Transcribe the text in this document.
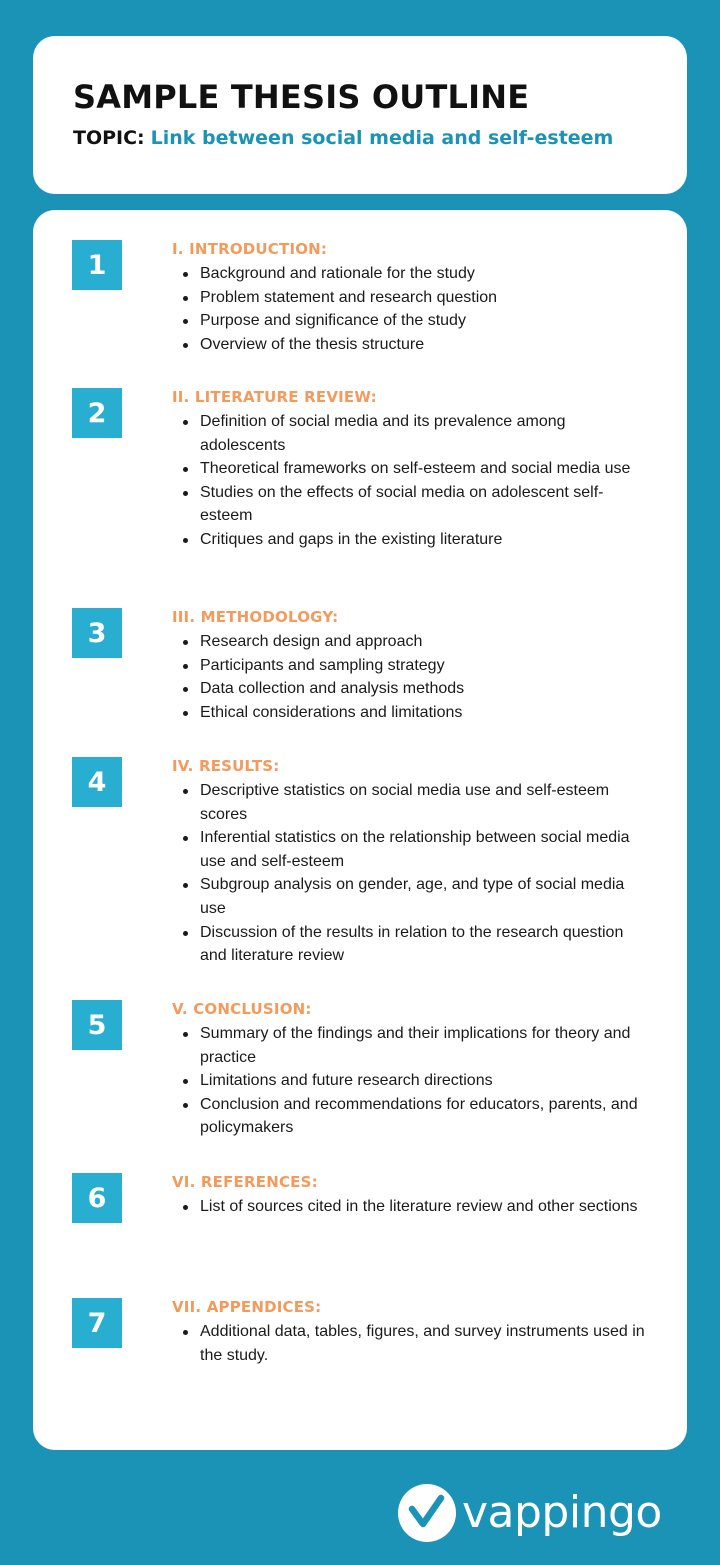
SAMPLE THESIS OUTLINE
TOPIC: Link between social media and self-esteem
1
I. INTRODUCTION:
Background and rationale for the study
Problem statement and research question
Purpose and significance of the study
Overview of the thesis structure
2
II. LITERATURE REVIEW:
Definition of social media and its prevalence among adolescents
Theoretical frameworks on self-esteem and social media use
Studies on the effects of social media on adolescent self-esteem
Critiques and gaps in the existing literature
3
III. METHODOLOGY:
Research design and approach
Participants and sampling strategy
Data collection and analysis methods
Ethical considerations and limitations
4
IV. RESULTS:
Descriptive statistics on social media use and self-esteem scores
Inferential statistics on the relationship between social media use and self-esteem
Subgroup analysis on gender, age, and type of social media use
Discussion of the results in relation to the research question and literature review
5
V. CONCLUSION:
Summary of the findings and their implications for theory and practice
Limitations and future research directions
Conclusion and recommendations for educators, parents, and policymakers
6
VI. REFERENCES:
List of sources cited in the literature review and other sections
7
VII. APPENDICES:
Additional data, tables, figures, and survey instruments used in the study.
vappingo
